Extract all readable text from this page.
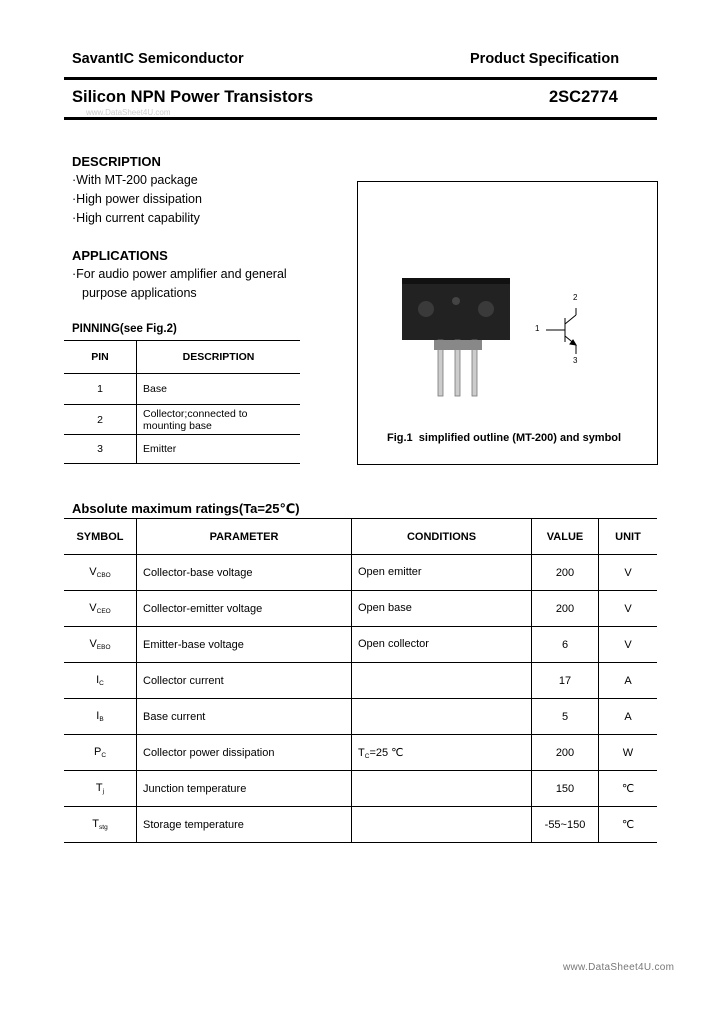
SavantIC Semiconductor	Product Specification
Silicon NPN Power Transistors	2SC2774
www.DataSheet4U.com
DESCRIPTION
·With MT-200 package
·High power dissipation
·High current capability
APPLICATIONS
·For audio power amplifier and general
purpose applications
PINNING(see Fig.2)
PIN	DESCRIPTION
1	Base
2	Collector;connected to mounting base
3	Emitter
2
1
3
Fig.1  simplified outline (MT-200) and symbol
Absolute maximum ratings(Ta=25℃)
SYMBOL	PARAMETER	CONDITIONS	VALUE	UNIT
$V_{CBO}$	Collector-base voltage	Open emitter	200	V
$V_{CEO}$	Collector-emitter voltage	Open base	200	V
$V_{EBO}$	Emitter-base voltage	Open collector	6	V
$I_C$	Collector current		17	A
$I_B$	Base current		5	A
$P_C$	Collector power dissipation	$T_C=25$ ℃	200	W
$T_j$	Junction temperature		150	℃
$T_{stg}$	Storage temperature		-55~150	℃
www.DataSheet4U.com
